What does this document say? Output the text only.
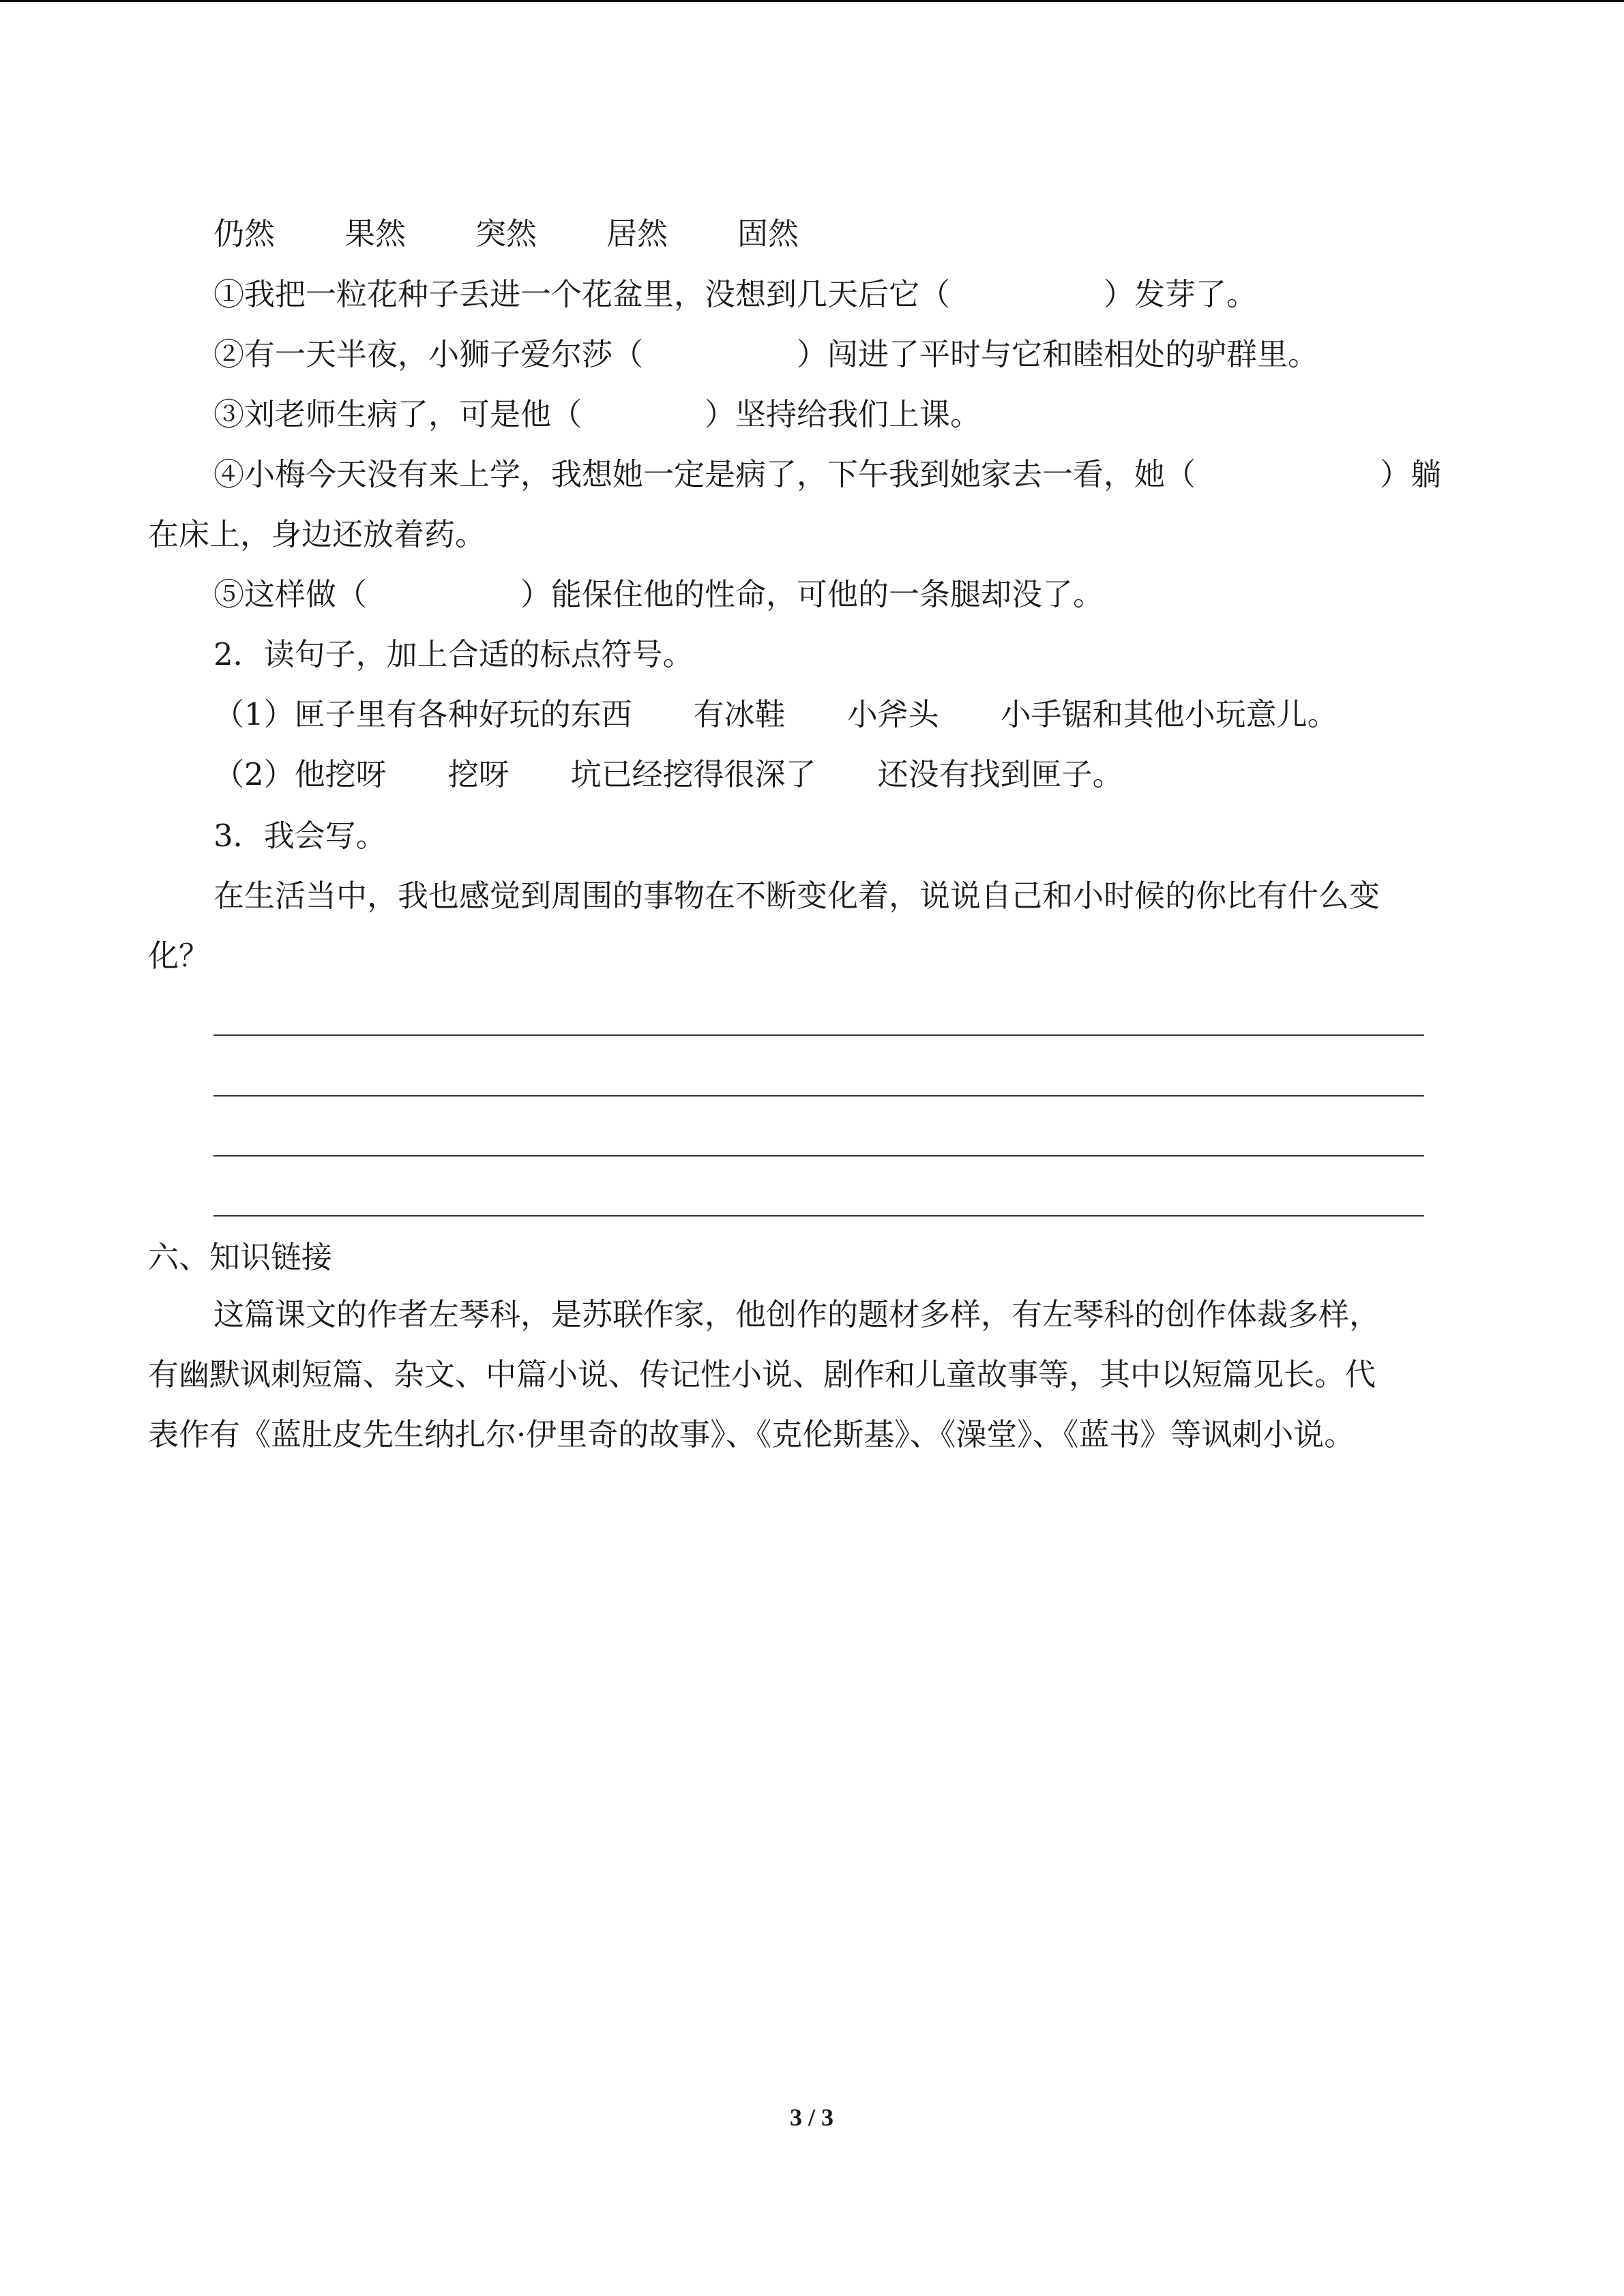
仍然 果然 突然 居然 固然
①我把一粒花种子丢进一个花盆里，没想到几天后它（　　　　　）发芽了。
②有一天半夜，小狮子爱尔莎（　　　　　）闯进了平时与它和睦相处的驴群里。
③刘老师生病了，可是他（　　　　）坚持给我们上课。
④小梅今天没有来上学，我想她一定是病了，下午我到她家去一看，她（　　　　　　）躺
在床上，身边还放着药。
⑤这样做（　　　　　）能保住他的性命，可他的一条腿却没了。
2．读句子，加上合适的标点符号。
（1）匣子里有各种好玩的东西　　有冰鞋　　小斧头　　小手锯和其他小玩意儿。
（2）他挖呀　　挖呀　　坑已经挖得很深了　　还没有找到匣子。
3．我会写。
在生活当中，我也感觉到周围的事物在不断变化着，说说自己和小时候的你比有什么变
化？
六、知识链接
这篇课文的作者左琴科，是苏联作家，他创作的题材多样，有左琴科的创作体裁多样，
有幽默讽刺短篇、杂文、中篇小说、传记性小说、剧作和儿童故事等，其中以短篇见长。代
表作有《蓝肚皮先生纳扎尔·伊里奇的故事》、《克伦斯基》、《澡堂》、《蓝书》等讽刺小说。
3 / 3
